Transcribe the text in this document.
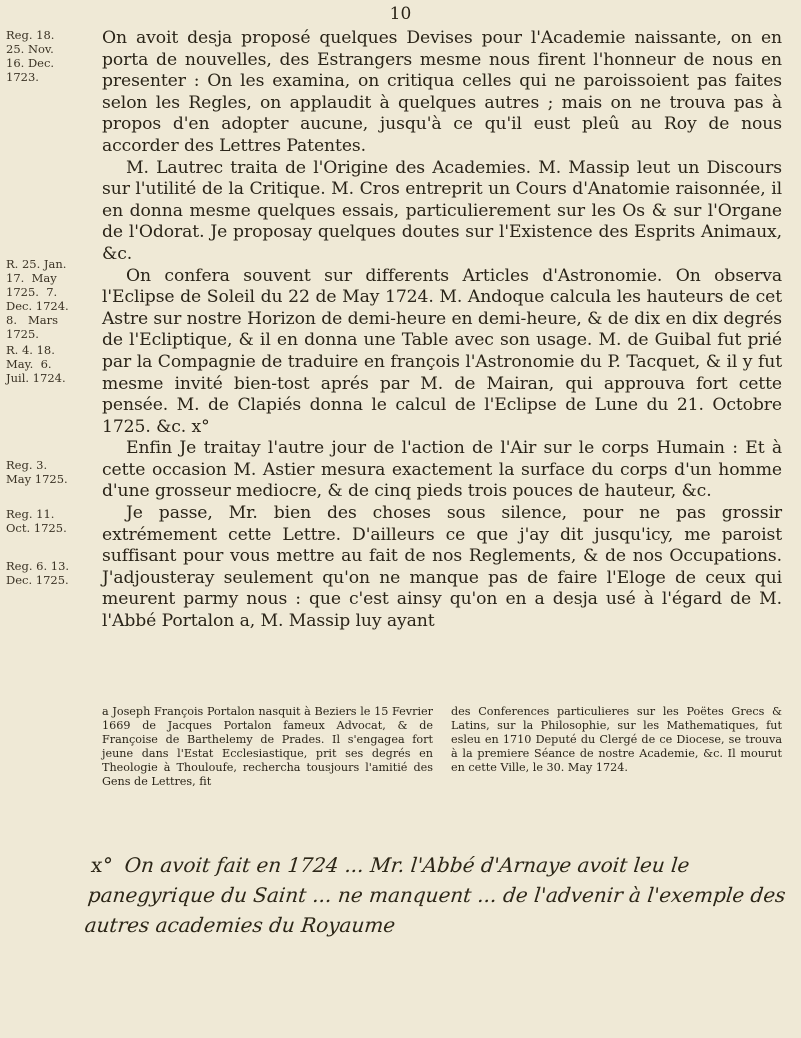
10
Reg. 18.
25. Nov.
16. Dec.
1723.
R. 25. Jan.
17.  May
1725.  7.
Dec. 1724.
8.   Mars
1725.
R. 4. 18.
May.  6.
Juil. 1724.
Reg. 3.
May 1725.
Reg. 11.
Oct. 1725.
Reg. 6. 13.
Dec. 1725.

On avoit desja proposé quelques Devises pour l'Academie naissante, on en porta de nouvelles, des Estrangers mesme nous firent l'honneur de nous en presenter : On les examina, on critiqua celles qui ne paroissoient pas faites selon les Regles, on applaudit à quelques autres ; mais on ne trouva pas à propos d'en adopter aucune, jusqu'à ce qu'il eust pleû au Roy de nous accorder des Lettres Patentes.

M. Lautrec traita de l'Origine des Academies. M. Massip leut un Discours sur l'utilité de la Critique. M. Cros entreprit un Cours d'Anatomie raisonnée, il en donna mesme quelques essais, particulierement sur les Os & sur l'Organe de l'Odorat. Je proposay quelques doutes sur l'Existence des Esprits Animaux, &c.

On confera souvent sur differents Articles d'Astronomie. On observa l'Eclipse de Soleil du 22 de May 1724. M. Andoque calcula les hauteurs de cet Astre sur nostre Horizon de demi-heure en demi-heure, & de dix en dix degrés de l'Ecliptique, & il en donna une Table avec son usage. M. de Guibal fut prié par la Compagnie de traduire en françois l'Astronomie du P. Tacquet, & il y fut mesme invité bien-tost aprés par M. de Mairan, qui approuva fort cette pensée. M. de Clapiés donna le calcul de l'Eclipse de Lune du 21. Octobre 1725. &c. x°

Enfin Je traitay l'autre jour de l'action de l'Air sur le corps Humain : Et à cette occasion M. Astier mesura exactement la surface du corps d'un homme d'une grosseur mediocre, & de cinq pieds trois pouces de hauteur, &c.

Je passe, Mr. bien des choses sous silence, pour ne pas grossir extrémement cette Lettre. D'ailleurs ce que j'ay dit jusqu'icy, me paroist suffisant pour vous mettre au fait de nos Reglements, & de nos Occupations. J'adjousteray seulement qu'on ne manque pas de faire l'Eloge de ceux qui meurent parmy nous : que c'est ainsy qu'on en a desja usé à l'égard de M. l'Abbé Portalon a, M. Massip luy ayant

a Joseph François Portalon nasquit à Beziers le 15 Fevrier 1669 de Jacques Portalon fameux Advocat, & de Françoise de Barthelemy de Prades. Il s'engagea fort jeune dans l'Estat Ecclesiastique, prit ses degrés en Theologie à Thouloufe, rechercha tousjours l'amitié des Gens de Lettres, fit
des Conferences particulieres sur les Poëtes Grecs & Latins, sur la Philosophie, sur les Mathematiques, fut esleu en 1710 Deputé du Clergé de ce Diocese, se trouva à la premiere Séance de nostre Academie, &c. Il mourut en cette Ville, le 30. May 1724.
x° On avoit fait en 1724 ... Mr. l'Abbé d'Arnaye avoit leu le panegyrique du Saint ... ne manquent ... de l'advenir à l'exemple des autres academies du Royaume
